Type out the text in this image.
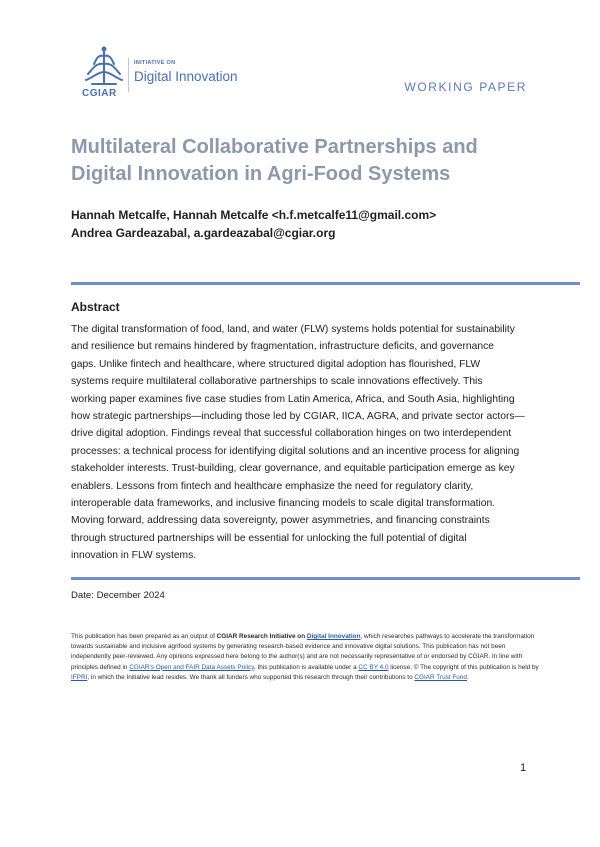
CGIAR
INITIATIVE ON
Digital Innovation
WORKING PAPER
Multilateral Collaborative Partnerships and
Digital Innovation in Agri-Food Systems
Hannah Metcalfe, Hannah Metcalfe <h.f.metcalfe11@gmail.com>
Andrea Gardeazabal, a.gardeazabal@cgiar.org
Abstract
The digital transformation of food, land, and water (FLW) systems holds potential for sustainability
and resilience but remains hindered by fragmentation, infrastructure deficits, and governance
gaps. Unlike fintech and healthcare, where structured digital adoption has flourished, FLW
systems require multilateral collaborative partnerships to scale innovations effectively. This
working paper examines five case studies from Latin America, Africa, and South Asia, highlighting
how strategic partnerships—including those led by CGIAR, IICA, AGRA, and private sector actors—
drive digital adoption. Findings reveal that successful collaboration hinges on two interdependent
processes: a technical process for identifying digital solutions and an incentive process for aligning
stakeholder interests. Trust-building, clear governance, and equitable participation emerge as key
enablers. Lessons from fintech and healthcare emphasize the need for regulatory clarity,
interoperable data frameworks, and inclusive financing models to scale digital transformation.
Moving forward, addressing data sovereignty, power asymmetries, and financing constraints
through structured partnerships will be essential for unlocking the full potential of digital
innovation in FLW systems.
Date: December 2024

This publication has been prepared as an output of CGIAR Research Initiative on Digital Innovation, which researches pathways to accelerate the transformation towards sustainable and inclusive agrifood systems by generating research-based evidence and innovative digital solutions. This publication has not been independently peer-reviewed. Any opinions expressed here belong to the author(s) and are not necessarily representative of or endorsed by CGIAR. In line with principles defined in CGIAR's Open and FAIR Data Assets Policy, this publication is available under a CC BY 4.0 license. © The copyright of this publication is held by IFPRI, in which the Initiative lead resides. We thank all funders who supported this research through their contributions to CGIAR Trust Fund.

1
